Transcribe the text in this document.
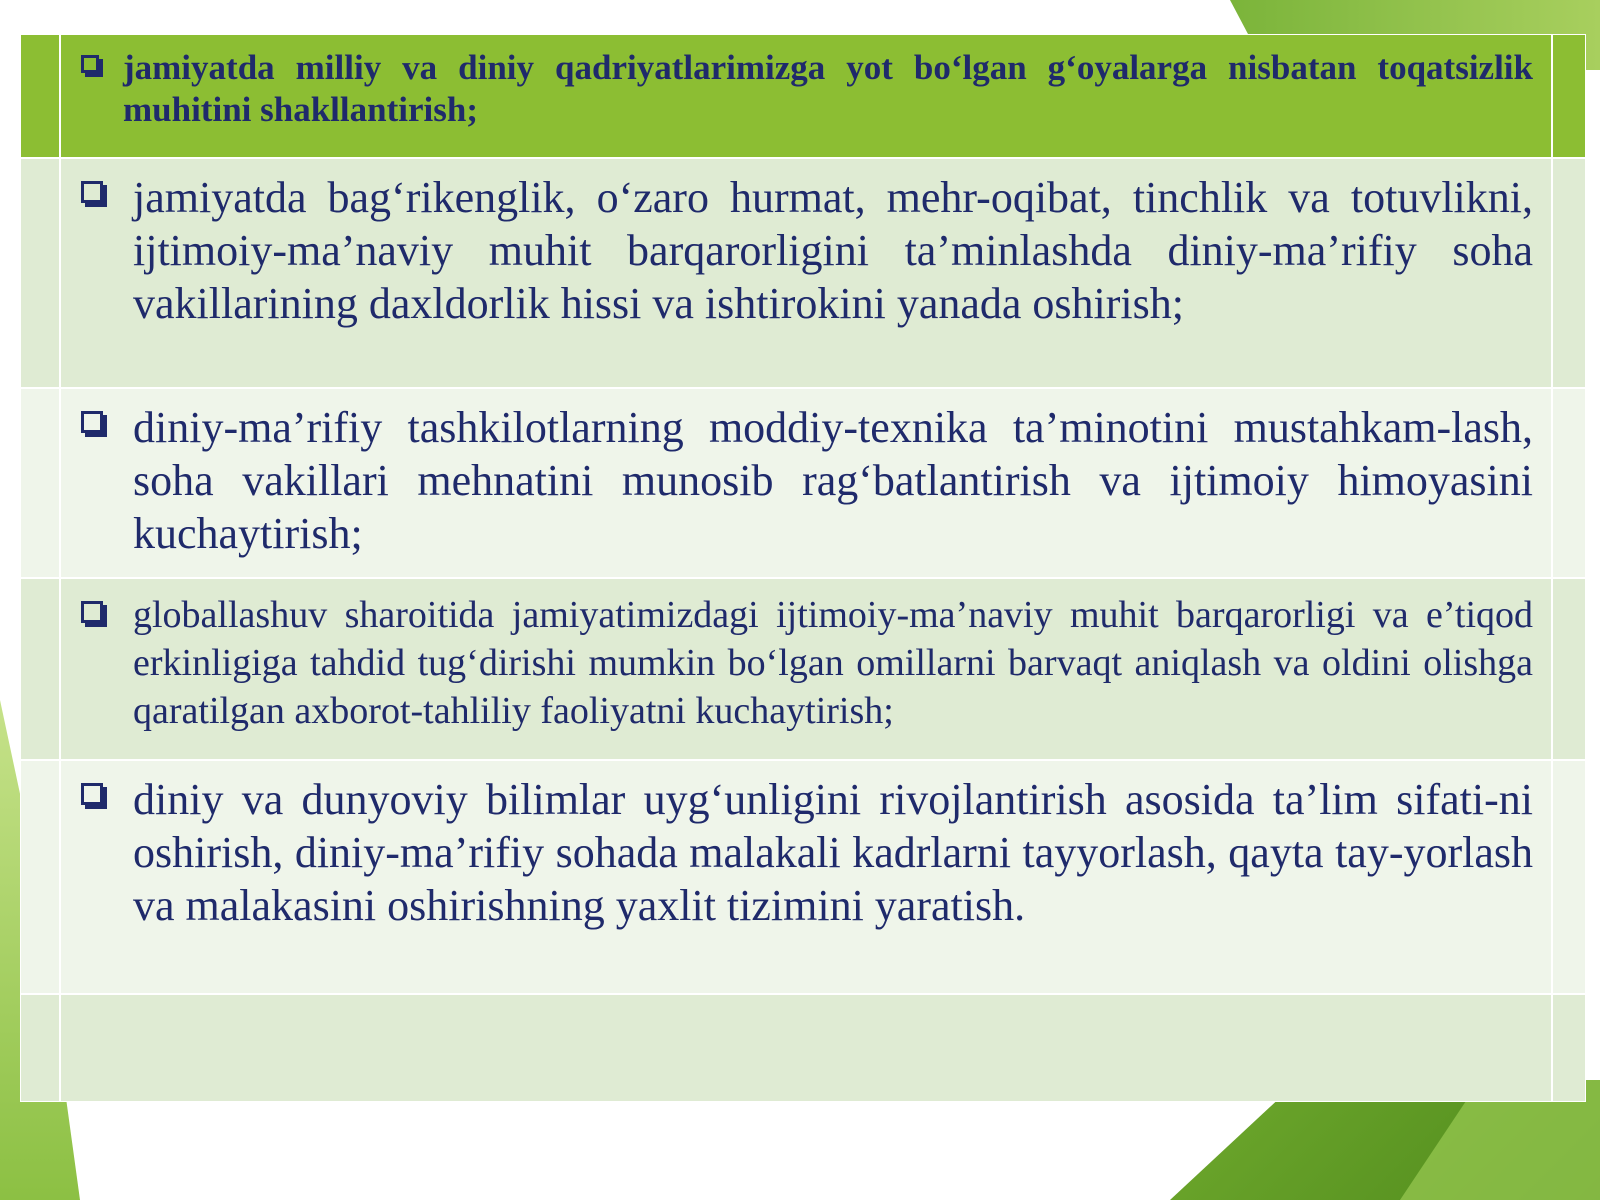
jamiyatda milliy va diniy qadriyatlarimizga yot bo‘lgan g‘oyalarga nisbatan toqatsizlik muhitini shakllantirish;
jamiyatda bag‘rikenglik, o‘zaro hurmat, mehr-oqibat, tinchlik va totuvlikni, ijtimoiy-ma’naviy muhit barqarorligini ta’minlashda diniy-ma’rifiy soha vakillarining daxldorlik hissi va ishtirokini yanada oshirish;
diniy-ma’rifiy tashkilotlarning moddiy-texnika ta’minotini mustahkam-lash, soha vakillari mehnatini munosib rag‘batlantirish va ijtimoiy himoyasini kuchaytirish;
globallashuv sharoitida jamiyatimizdagi ijtimoiy-ma’naviy muhit barqarorligi va e’tiqod erkinligiga tahdid tug‘dirishi mumkin bo‘lgan omillarni barvaqt aniqlash va oldini olishga qaratilgan axborot-tahliliy faoliyatni kuchaytirish;
diniy va dunyoviy bilimlar uyg‘unligini rivojlantirish asosida ta’lim sifati-ni oshirish, diniy-ma’rifiy sohada malakali kadrlarni tayyorlash, qayta tay-yorlash va malakasini oshirishning yaxlit tizimini yaratish.
